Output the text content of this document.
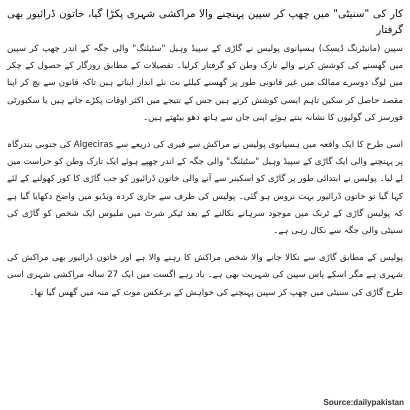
کار کی "سنیٹی" میں چھپ کر سپین پہنچنے والا مراکشی شہری پکڑا گیا، خاتون ڈرائیور بھی گرفتار

سپین (مانیٹرنگ ڈیسک) ہسپانوی پولیس نے گاڑی کے سپیڈ وہیل "سٹیئنگ" والی جگہ کے اندر چھپ کر سپین میں گھسنے کی کوشش کرنے والے تارک وطن کو گرفتار کرلیا۔ تفصیلات کے مطابق روزگار کے حصول کے چکر میں لوگ دوسرے ممالک میں غیر قانونی طور پر گھسنے کیلئے نت نئے انداز اپناتے ہیں تاکہ قانون سے بچ کر اپنا مقصد حاصل کر سکیں تاہم ایسی کوشش کرتے ہیں جس کے نتیجے میں اکثر اوقات پکڑے جاتے ہیں یا سکیورٹی فورسز کی گولیوں کا نشانہ بنتے ہوئے اپنی جان سے ہاتھ دھو بیٹھتے ہیں۔

اسی طرح کا ایک واقعہ میں ہسپانوی پولیس نے مراکش سے فیری کی ذریعے سے Algeciras کی جنوبی بندرگاہ پر پہنچنے والی ایک گاڑی کے سپیڈ وہیل "سٹیئنگ" والی جگہ کے اندر چھپے ہوئے ایک تارک وطن کو حراست میں لے لیا۔ پولیس نے ابتدائی طور پر گاڑی کو اسکینر سے آنے والی خاتون ڈرائیور کو جب گاڑی کا کور کھولنے کے لئے کہا گیا تو خاتون ڈرائیور بہت نروس ہو گئی۔ پولیس کی طرف سے جاری کردہ ویڈیو میں واضح دکھایا گیا ہے کہ پولیس گاڑی کے ٹرنک میں موجود سرہانے نکالنے کے بعد ٹیکر شرٹ میں ملبوس ایک شخص کو گاڑی کی سنیٹی والی جگہ سے نکال رہی ہے۔

پولیس کے مطابق گاڑی سے نکالا جانے والا شخص مراکش کا رہنے والا ہے اور خاتون ڈرائیور بھی مراکش کی شہری ہے مگر اسکے پاس سپین کی شہریت بھی ہے۔ یاد رہے اگست میں ایک 27 سالہ مراکشی شہری اسی طرح گاڑی کی سنیٹی میں چھپ کر سپین پہنچنے کی خواہش کے برعکس موت کے منہ میں گھس گیا تھا۔

Source:dailypakistan
